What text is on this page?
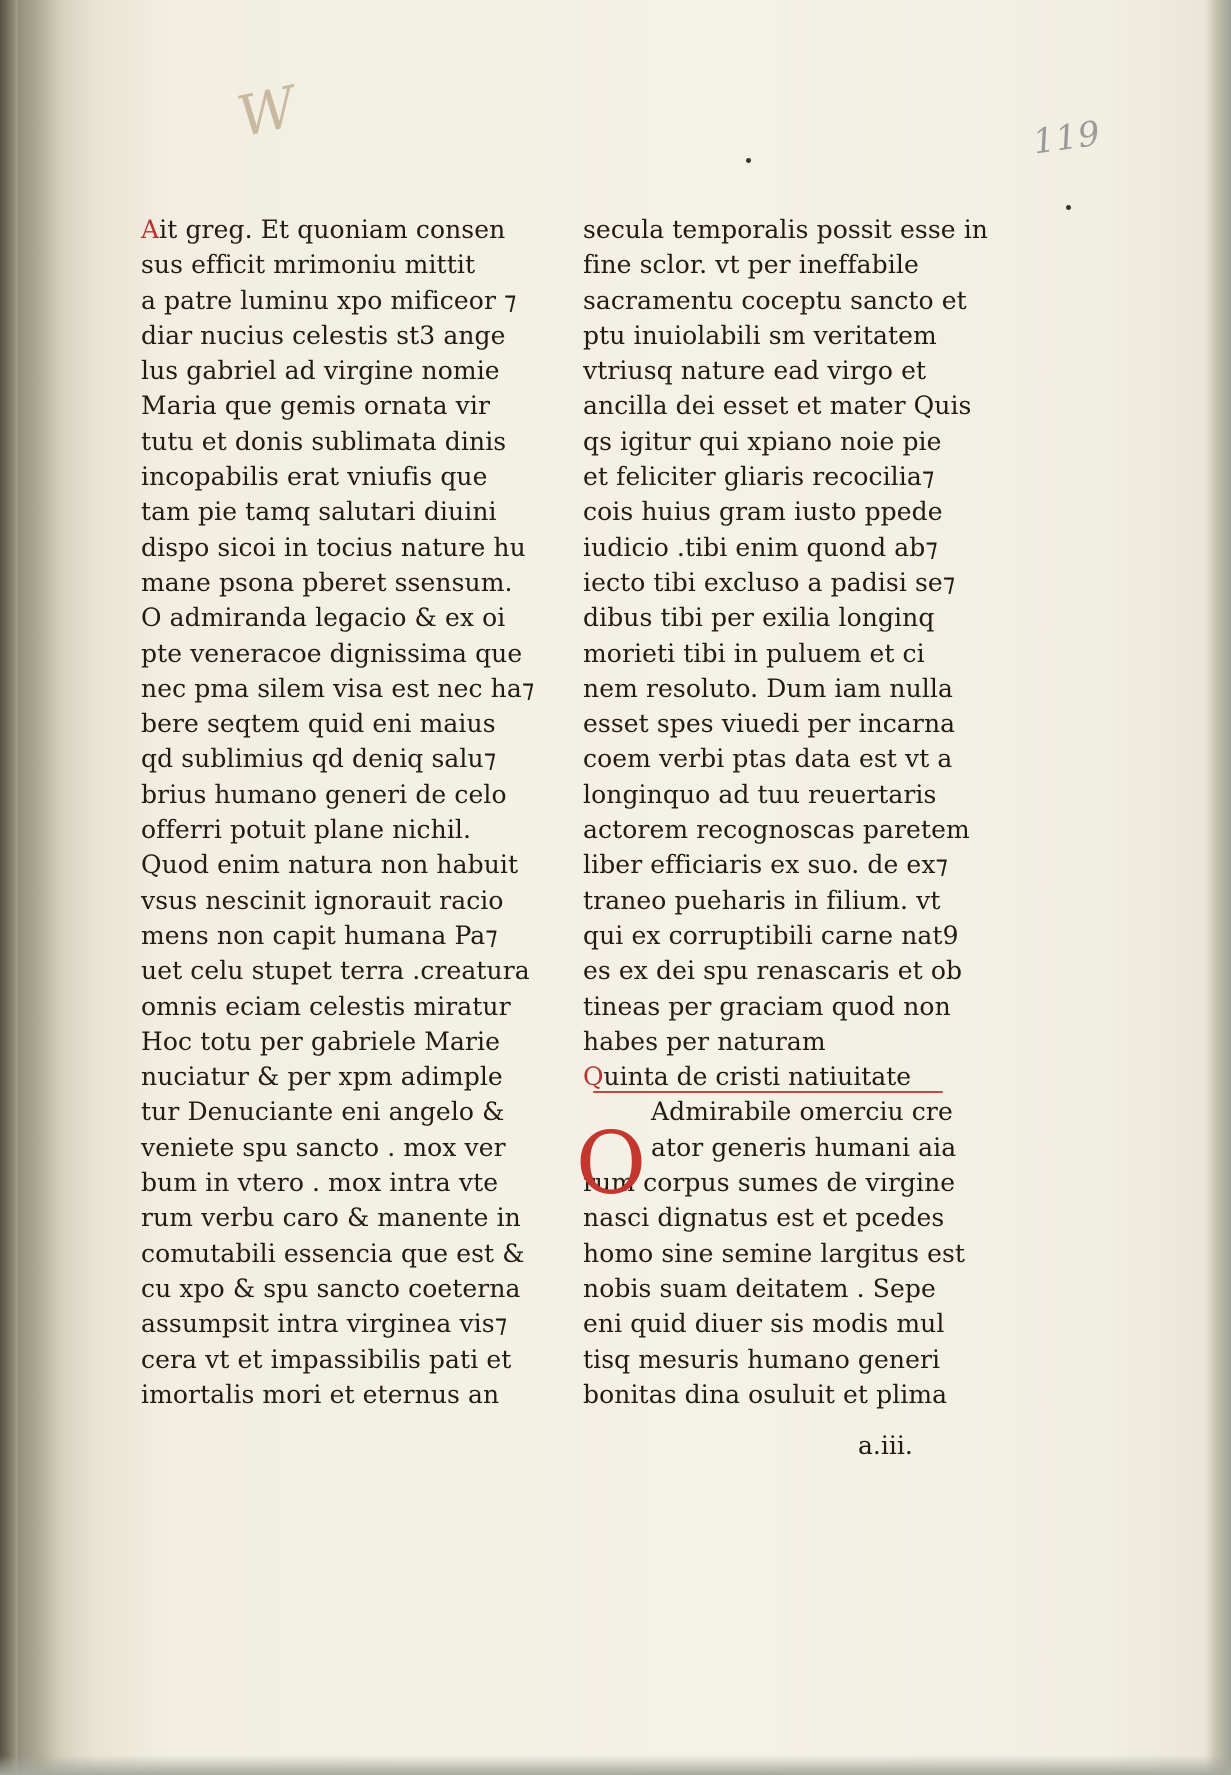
W	119
Ait greg. Et quoniam consen
sus efficit mrimoniu mittit
a patre luminu xpo mificeor ⁊
diar nucius celestis st3 ange
lus gabriel ad virgine nomie
Maria que gemis ornata vir
tutu et donis sublimata dinis
incopabilis erat vniufis que
tam pie tamq salutari diuini
dispo sicoi in tocius nature hu
mane psona pberet ssensum.
O admiranda legacio & ex oi
pte veneracoe dignissima que
nec pma silem visa est nec ha⁊
bere seqtem quid eni maius
qd sublimius qd deniq salu⁊
brius humano generi de celo
offerri potuit plane nichil.
Quod enim natura non habuit
vsus nescinit ignorauit racio
mens non capit humana Pa⁊
uet celu stupet terra .creatura
omnis eciam celestis miratur
Hoc totu per gabriele Marie
nuciatur & per xpm adimple
tur Denuciante eni angelo &
veniete spu sancto . mox ver
bum in vtero . mox intra vte
rum verbu caro & manente in
comutabili essencia que est &
cu xpo & spu sancto coeterna
assumpsit intra virginea vis⁊
cera vt et impassibilis pati et
imortalis mori et eternus an
secula temporalis possit esse in
fine sclor. vt per ineffabile
sacramentu coceptu sancto et
ptu inuiolabili sm veritatem
vtriusq nature ead virgo et
ancilla dei esset et mater Quis
qs igitur qui xpiano noie pie
et feliciter gliaris recocilia⁊
cois huius gram iusto ppede
iudicio .tibi enim quond ab⁊
iecto tibi excluso a padisi se⁊
dibus tibi per exilia longinq
morieti tibi in puluem et ci
nem resoluto. Dum iam nulla
esset spes viuedi per incarna
coem verbi ptas data est vt a
longinquo ad tuu reuertaris
actorem recognoscas paretem
liber efficiaris ex suo. de ex⁊
traneo pueharis in filium. vt
qui ex corruptibili carne nat9
es ex dei spu renascaris et ob
tineas per graciam quod non
habes per naturam
Quinta de cristi natiuitate
Admirabile omerciu cre
ator generis humani aia
rum corpus sumes de virgine
nasci dignatus est et pcedes
homo sine semine largitus est
nobis suam deitatem . Sepe
eni quid diuer sis modis mul
tisq mesuris humano generi
bonitas dina osuluit et plima
O
a.iii.
